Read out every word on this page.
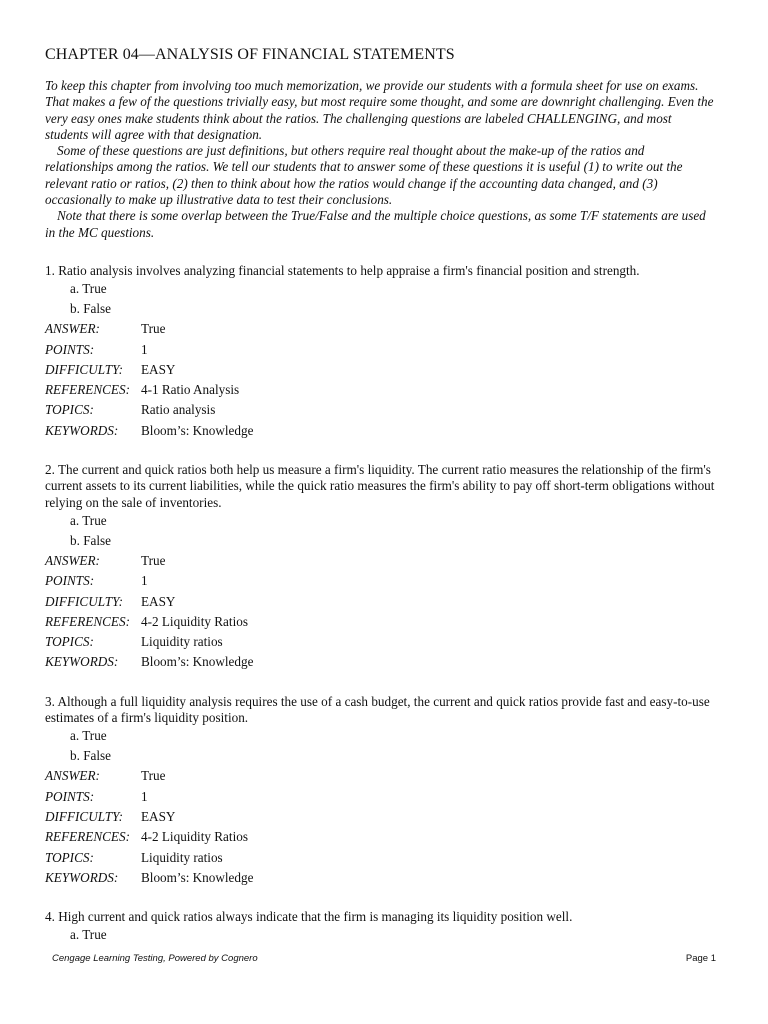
CHAPTER 04—ANALYSIS OF FINANCIAL STATEMENTS

To keep this chapter from involving too much memorization, we provide our students with a formula sheet for use on exams. That makes a few of the questions trivially easy, but most require some thought, and some are downright challenging. Even the very easy ones make students think about the ratios. The challenging questions are labeled CHALLENGING, and most students will agree with that designation.

Some of these questions are just definitions, but others require real thought about the make-up of the ratios and relationships among the ratios. We tell our students that to answer some of these questions it is useful (1) to write out the relevant ratio or ratios, (2) then to think about how the ratios would change if the accounting data changed, and (3) occasionally to make up illustrative data to test their conclusions.

Note that there is some overlap between the True/False and the multiple choice questions, as some T/F statements are used in the MC questions.

1. Ratio analysis involves analyzing financial statements to help appraise a firm's financial position and strength.

a. True
b. False
ANSWER:	True
POINTS:	1
DIFFICULTY:	EASY
REFERENCES: 4-1 Ratio Analysis
TOPICS:	Ratio analysis
KEYWORDS:	Bloom’s: Knowledge

2. The current and quick ratios both help us measure a firm's liquidity. The current ratio measures the relationship of the firm's current assets to its current liabilities, while the quick ratio measures the firm's ability to pay off short-term obligations without relying on the sale of inventories.

a. True
b. False
ANSWER:	True
POINTS:	1
DIFFICULTY:	EASY
REFERENCES: 4-2 Liquidity Ratios
TOPICS:	Liquidity ratios
KEYWORDS:	Bloom’s: Knowledge

3. Although a full liquidity analysis requires the use of a cash budget, the current and quick ratios provide fast and easy-to-use estimates of a firm's liquidity position.

a. True
b. False
ANSWER:	True
POINTS:	1
DIFFICULTY:	EASY
REFERENCES: 4-2 Liquidity Ratios
TOPICS:	Liquidity ratios
KEYWORDS:	Bloom’s: Knowledge

4. High current and quick ratios always indicate that the firm is managing its liquidity position well.

a. True
Cengage Learning Testing, Powered by Cognero	Page 1
